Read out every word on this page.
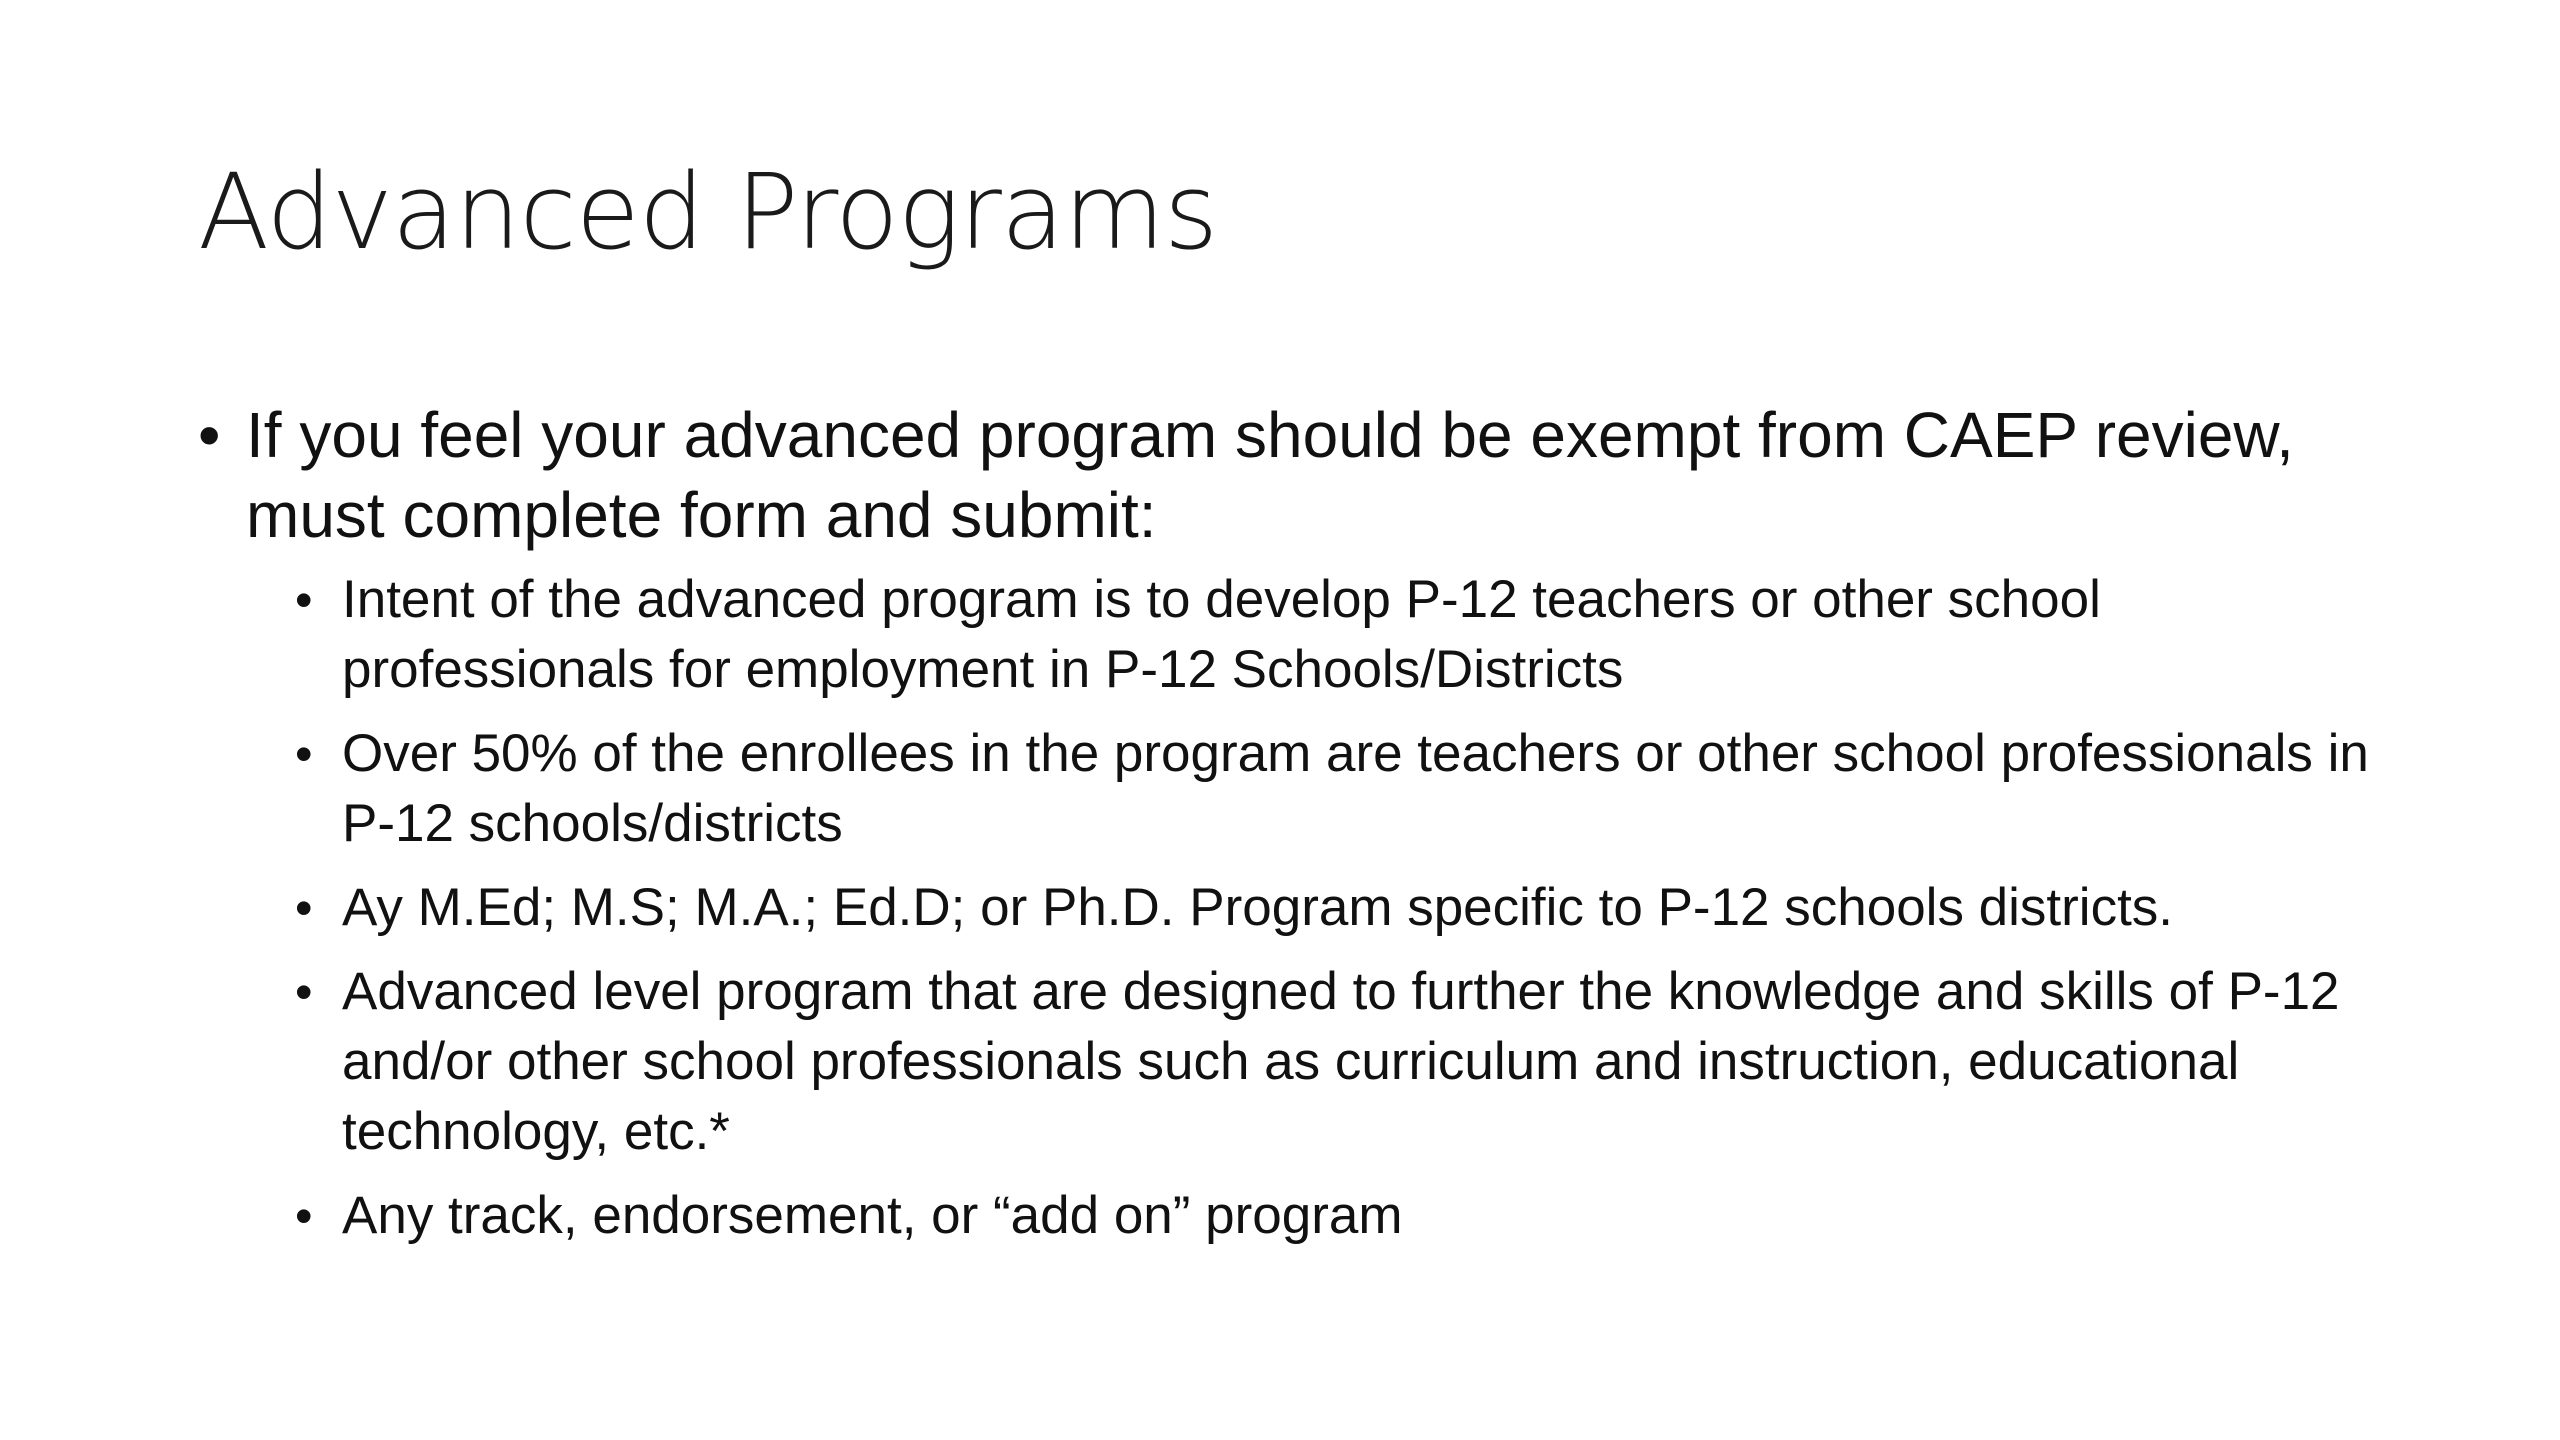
Advanced Programs
• If you feel your advanced program should be exempt from CAEP review, must complete form and submit:
• Intent of the advanced program is to develop P-12 teachers or other school professionals for employment in P-12 Schools/Districts
• Over 50% of the enrollees in the program are teachers or other school professionals in P-12 schools/districts
• Ay M.Ed; M.S; M.A.; Ed.D; or Ph.D. Program specific to P-12 schools districts.
• Advanced level program that are designed to further the knowledge and skills of P-12 and/or other school professionals such as curriculum and instruction, educational technology, etc.*
• Any track, endorsement, or “add on” program
